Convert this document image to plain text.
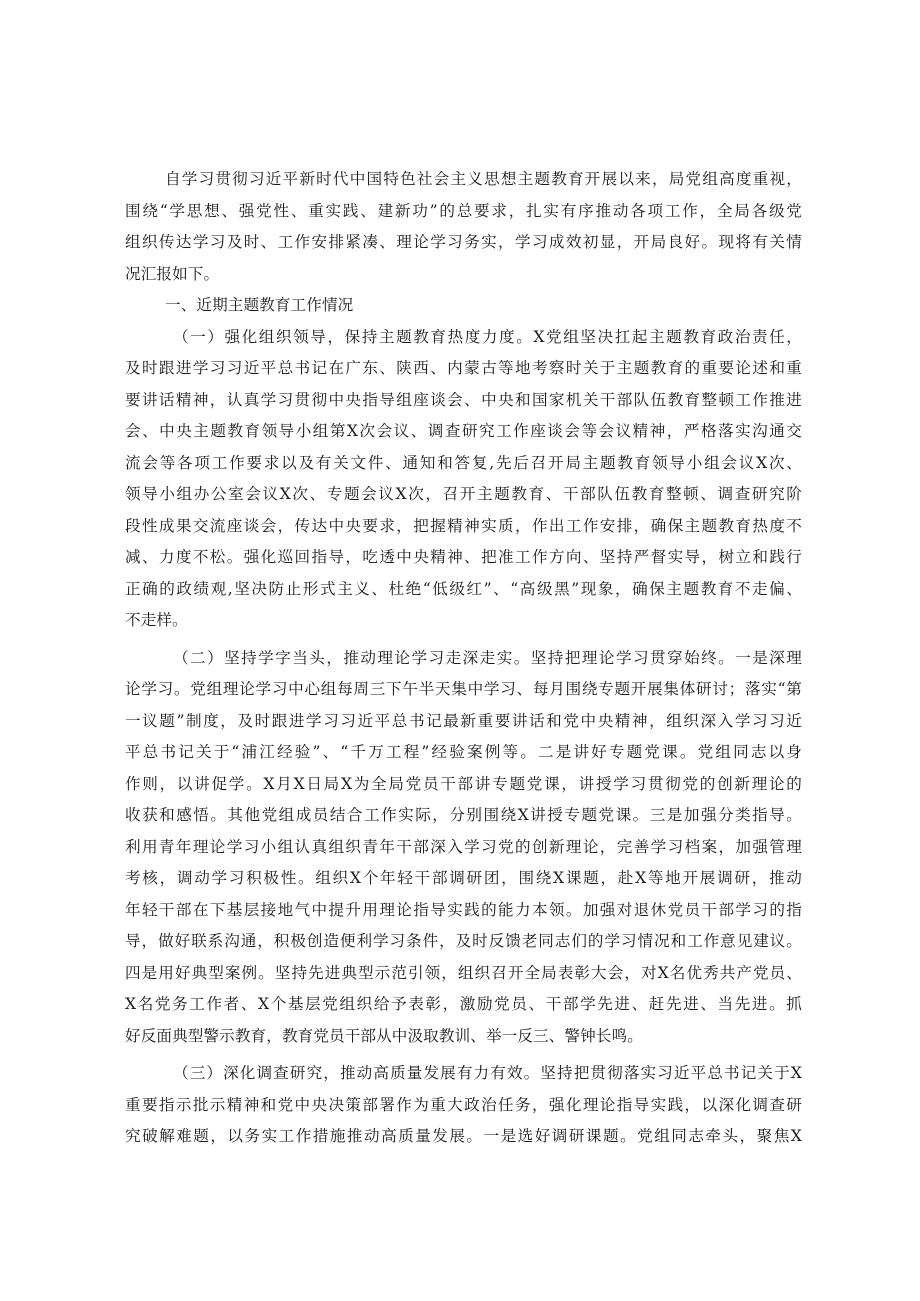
自学习贯彻习近平新时代中国特色社会主义思想主题教育开展以来，局党组高度重视，
围绕“学思想、强党性、重实践、建新功”的总要求，扎实有序推动各项工作，全局各级党
组织传达学习及时、工作安排紧凑、理论学习务实，学习成效初显，开局良好。现将有关情
况汇报如下。
一、近期主题教育工作情况
（一）强化组织领导，保持主题教育热度力度。X党组坚决扛起主题教育政治责任，
及时跟进学习习近平总书记在广东、陕西、内蒙古等地考察时关于主题教育的重要论述和重
要讲话精神，认真学习贯彻中央指导组座谈会、中央和国家机关干部队伍教育整顿工作推进
会、中央主题教育领导小组第X次会议、调查研究工作座谈会等会议精神，严格落实沟通交
流会等各项工作要求以及有关文件、通知和答复,先后召开局主题教育领导小组会议X次、
领导小组办公室会议X次、专题会议X次，召开主题教育、干部队伍教育整顿、调查研究阶
段性成果交流座谈会，传达中央要求，把握精神实质，作出工作安排，确保主题教育热度不
减、力度不松。强化巡回指导，吃透中央精神、把准工作方向、坚持严督实导，树立和践行
正确的政绩观,坚决防止形式主义、杜绝“低级红”、“高级黑”现象，确保主题教育不走偏、
不走样。
（二）坚持学字当头，推动理论学习走深走实。坚持把理论学习贯穿始终。一是深理
论学习。党组理论学习中心组每周三下午半天集中学习、每月围绕专题开展集体研讨；落实“第
一议题”制度，及时跟进学习习近平总书记最新重要讲话和党中央精神，组织深入学习习近
平总书记关于“浦江经验”、“千万工程”经验案例等。二是讲好专题党课。党组同志以身
作则，以讲促学。X月X日局X为全局党员干部讲专题党课，讲授学习贯彻党的创新理论的
收获和感悟。其他党组成员结合工作实际，分别围绕X讲授专题党课。三是加强分类指导。
利用青年理论学习小组认真组织青年干部深入学习党的创新理论，完善学习档案，加强管理
考核，调动学习积极性。组织X个年轻干部调研团，围绕X课题，赴X等地开展调研，推动
年轻干部在下基层接地气中提升用理论指导实践的能力本领。加强对退休党员干部学习的指
导，做好联系沟通，积极创造便利学习条件，及时反馈老同志们的学习情况和工作意见建议。
四是用好典型案例。坚持先进典型示范引领，组织召开全局表彰大会，对X名优秀共产党员、
X名党务工作者、X个基层党组织给予表彰，激励党员、干部学先进、赶先进、当先进。抓
好反面典型警示教育，教育党员干部从中汲取教训、举一反三、警钟长鸣。
（三）深化调查研究，推动高质量发展有力有效。坚持把贯彻落实习近平总书记关于X
重要指示批示精神和党中央决策部署作为重大政治任务，强化理论指导实践，以深化调查研
究破解难题，以务实工作措施推动高质量发展。一是选好调研课题。党组同志牵头，聚焦X
